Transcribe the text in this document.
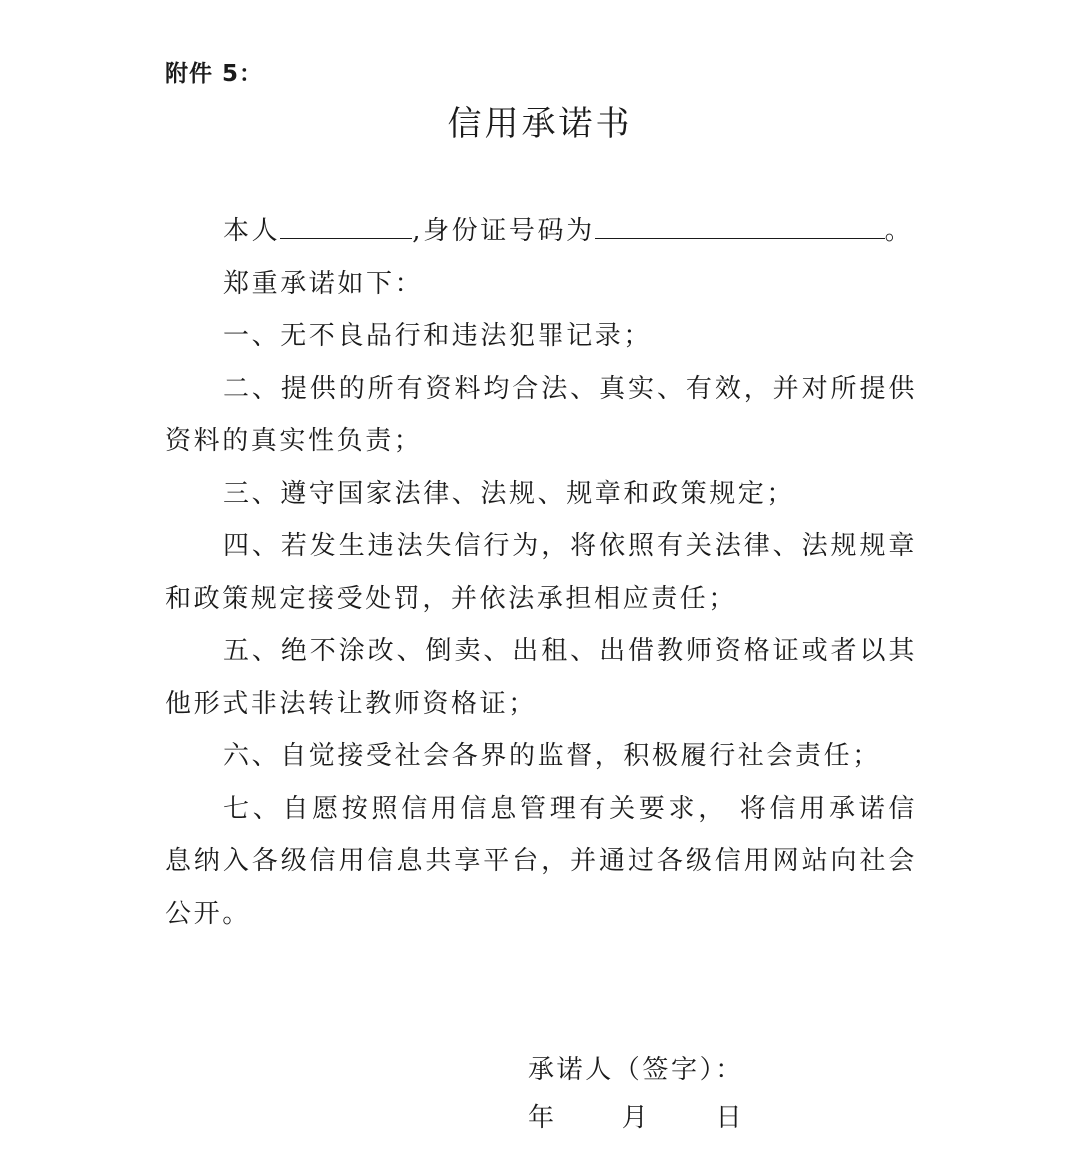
附件 5：
信用承诺书

本人	,身份证号码为	。

郑重承诺如下：

一、无不良品行和违法犯罪记录；

二、提供的所有资料均合法、真实、有效，并对所提供资料的真实性负责；

三、遵守国家法律、法规、规章和政策规定；

四、若发生违法失信行为，将依照有关法律、法规规章和政策规定接受处罚，并依法承担相应责任；

五、绝不涂改、倒卖、出租、出借教师资格证或者以其他形式非法转让教师资格证；

六、自觉接受社会各界的监督，积极履行社会责任；

七、自愿按照信用信息管理有关要求， 将信用承诺信息纳入各级信用信息共享平台，并通过各级信用网站向社会公开。

承诺人（签字）：
年      月      日
